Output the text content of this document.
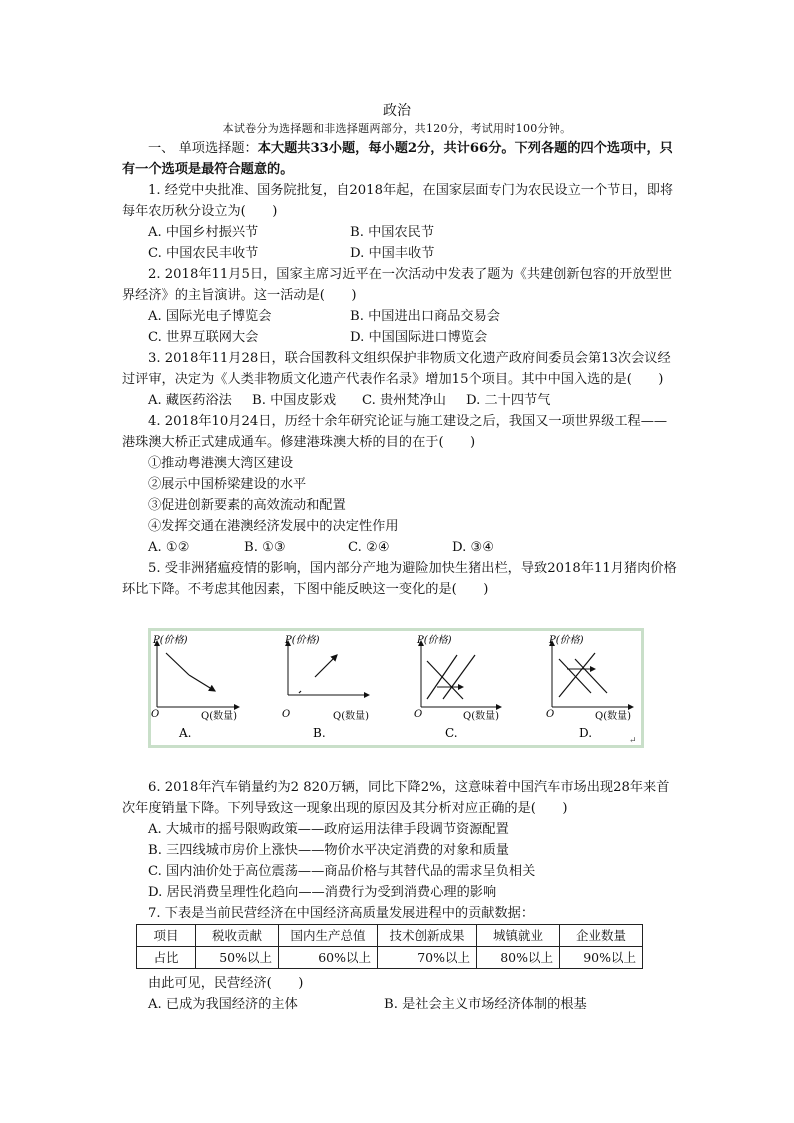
政治
本试卷分为选择题和非选择题两部分，共120分，考试用时100分钟。

一、 单项选择题：本大题共33小题，每小题2分，共计66分。下列各题的四个选项中，只有一个选项是最符合题意的。

1. 经党中央批准、国务院批复，自2018年起，在国家层面专门为农民设立一个节日，即将每年农历秋分设立为(　　)

A. 中国乡村振兴节	B. 中国农民节
C. 中国农民丰收节	D. 中国丰收节

2. 2018年11月5日，国家主席习近平在一次活动中发表了题为《共建创新包容的开放型世界经济》的主旨演讲。这一活动是(　　)

A. 国际光电子博览会	B. 中国进出口商品交易会
C. 世界互联网大会	D. 中国国际进口博览会

3. 2018年11月28日，联合国教科文组织保护非物质文化遗产政府间委员会第13次会议经过评审，决定为《人类非物质文化遗产代表作名录》增加15个项目。其中中国入选的是(　　)

A. 藏医药浴法	B. 中国皮影戏	C. 贵州梵净山	D. 二十四节气

4. 2018年10月24日，历经十余年研究论证与施工建设之后，我国又一项世界级工程——港珠澳大桥正式建成通车。修建港珠澳大桥的目的在于(　　)

①推动粤港澳大湾区建设
②展示中国桥梁建设的水平
③促进创新要素的高效流动和配置
④发挥交通在港澳经济发展中的决定性作用
A. ①②	B. ①③	C. ②④	D. ③④

5. 受非洲猪瘟疫情的影响，国内部分产地为避险加快生猪出栏，导致2018年11月猪肉价格环比下降。不考虑其他因素，下图中能反映这一变化的是(　　)

P(价格)
O	Q(数量)
A.
P(价格)
O	Q(数量)
B.
P(价格)
O	Q(数量)
C.
P(价格)
O	Q(数量)
D.
↵

6. 2018年汽车销量约为2 820万辆，同比下降2%，这意味着中国汽车市场出现28年来首次年度销量下降。下列导致这一现象出现的原因及其分析对应正确的是(　　)

A. 大城市的摇号限购政策——政府运用法律手段调节资源配置
B. 三四线城市房价上涨快——物价水平决定消费的对象和质量
C. 国内油价处于高位震荡——商品价格与其替代品的需求呈负相关
D. 居民消费呈理性化趋向——消费行为受到消费心理的影响

7. 下表是当前民营经济在中国经济高质量发展进程中的贡献数据：

项目	税收贡献	国内生产总值	技术创新成果	城镇就业	企业数量
占比	50%以上	60%以上	70%以上	80%以上	90%以上
由此可见，民营经济(　　)
A. 已成为我国经济的主体	B. 是社会主义市场经济体制的根基
